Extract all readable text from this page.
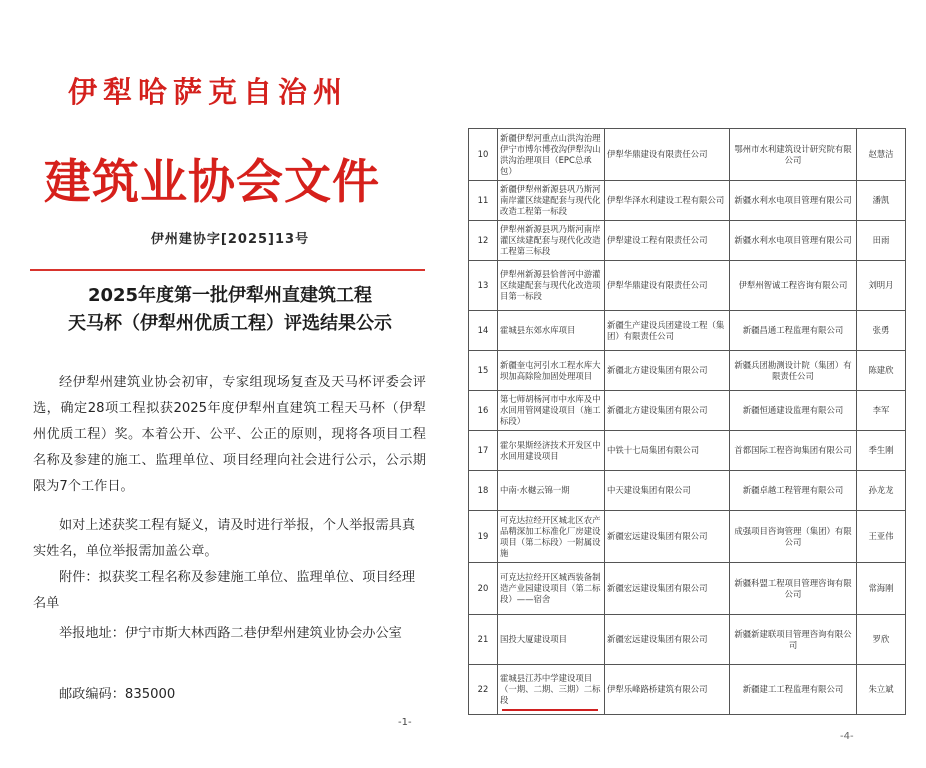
伊犁哈萨克自治州
建筑业协会文件
伊州建协字[2025]13号
2025年度第一批伊犁州直建筑工程
天马杯（伊犁州优质工程）评选结果公示
经伊犁州建筑业协会初审，专家组现场复查及天马杯评委会评选，确定28项工程拟获2025年度伊犁州直建筑工程天马杯（伊犁州优质工程）奖。本着公开、公平、公正的原则，现将各项目工程名称及参建的施工、监理单位、项目经理向社会进行公示，公示期限为7个工作日。
如对上述获奖工程有疑义，请及时进行举报，个人举报需具真实姓名，单位举报需加盖公章。
附件：拟获奖工程名称及参建施工单位、监理单位、项目经理名单
举报地址：伊宁市斯大林西路二巷伊犁州建筑业协会办公室
邮政编码：835000
-1-
10	新疆伊犁河重点山洪沟治理伊宁市博尔博孜沟伊犁沟山洪沟治理项目（EPC总承包）	伊犁华鼎建设有限责任公司	鄂州市水利建筑设计研究院有限公司	赵慧洁
11	新疆伊犁州新源县巩乃斯河南岸灌区续建配套与现代化改造工程第一标段	伊犁华泽水利建设工程有限公司	新疆水利水电项目管理有限公司	潘凯
12	伊犁州新源县巩乃斯河南岸灌区续建配套与现代化改造工程第三标段	伊犁建设工程有限责任公司	新疆水利水电项目管理有限公司	田雨
13	伊犁州新源县恰普河中游灌区续建配套与现代化改造项目第一标段	伊犁华鼎建设有限责任公司	伊犁州智诚工程咨询有限公司	刘明月
14	霍城县东郊水库项目	新疆生产建设兵团建设工程（集团）有限责任公司	新疆昌通工程监理有限公司	张勇
15	新疆奎屯河引水工程水库大坝加高除险加固处理项目	新疆北方建设集团有限公司	新疆兵团勘测设计院（集团）有限责任公司	陈建欣
16	第七师胡杨河市中水库及中水回用管网建设项目（施工标段）	新疆北方建设集团有限公司	新疆恒通建设监理有限公司	李军
17	霍尔果斯经济技术开发区中水回用建设项目	中铁十七局集团有限公司	首都国际工程咨询集团有限公司	季生刚
18	中南·水樾云锦一期	中天建设集团有限公司	新疆卓越工程管理有限公司	孙龙龙
19	可克达拉经开区城北区农产品精深加工标准化厂房建设项目（第二标段）一附属设施	新疆宏远建设集团有限公司	成强项目咨询管理（集团）有限公司	王亚伟
20	可克达拉经开区城西装备制造产业园建设项目（第二标段）——宿舍	新疆宏远建设集团有限公司	新疆科盟工程项目管理咨询有限公司	常海刚
21	国投大厦建设项目	新疆宏远建设集团有限公司	新疆新建联项目管理咨询有限公司	罗欣
22	霍城县江苏中学建设项目（一期、二期、三期）二标段	伊犁乐峰路桥建筑有限公司	新疆建工工程监理有限公司	朱立斌
-4-
